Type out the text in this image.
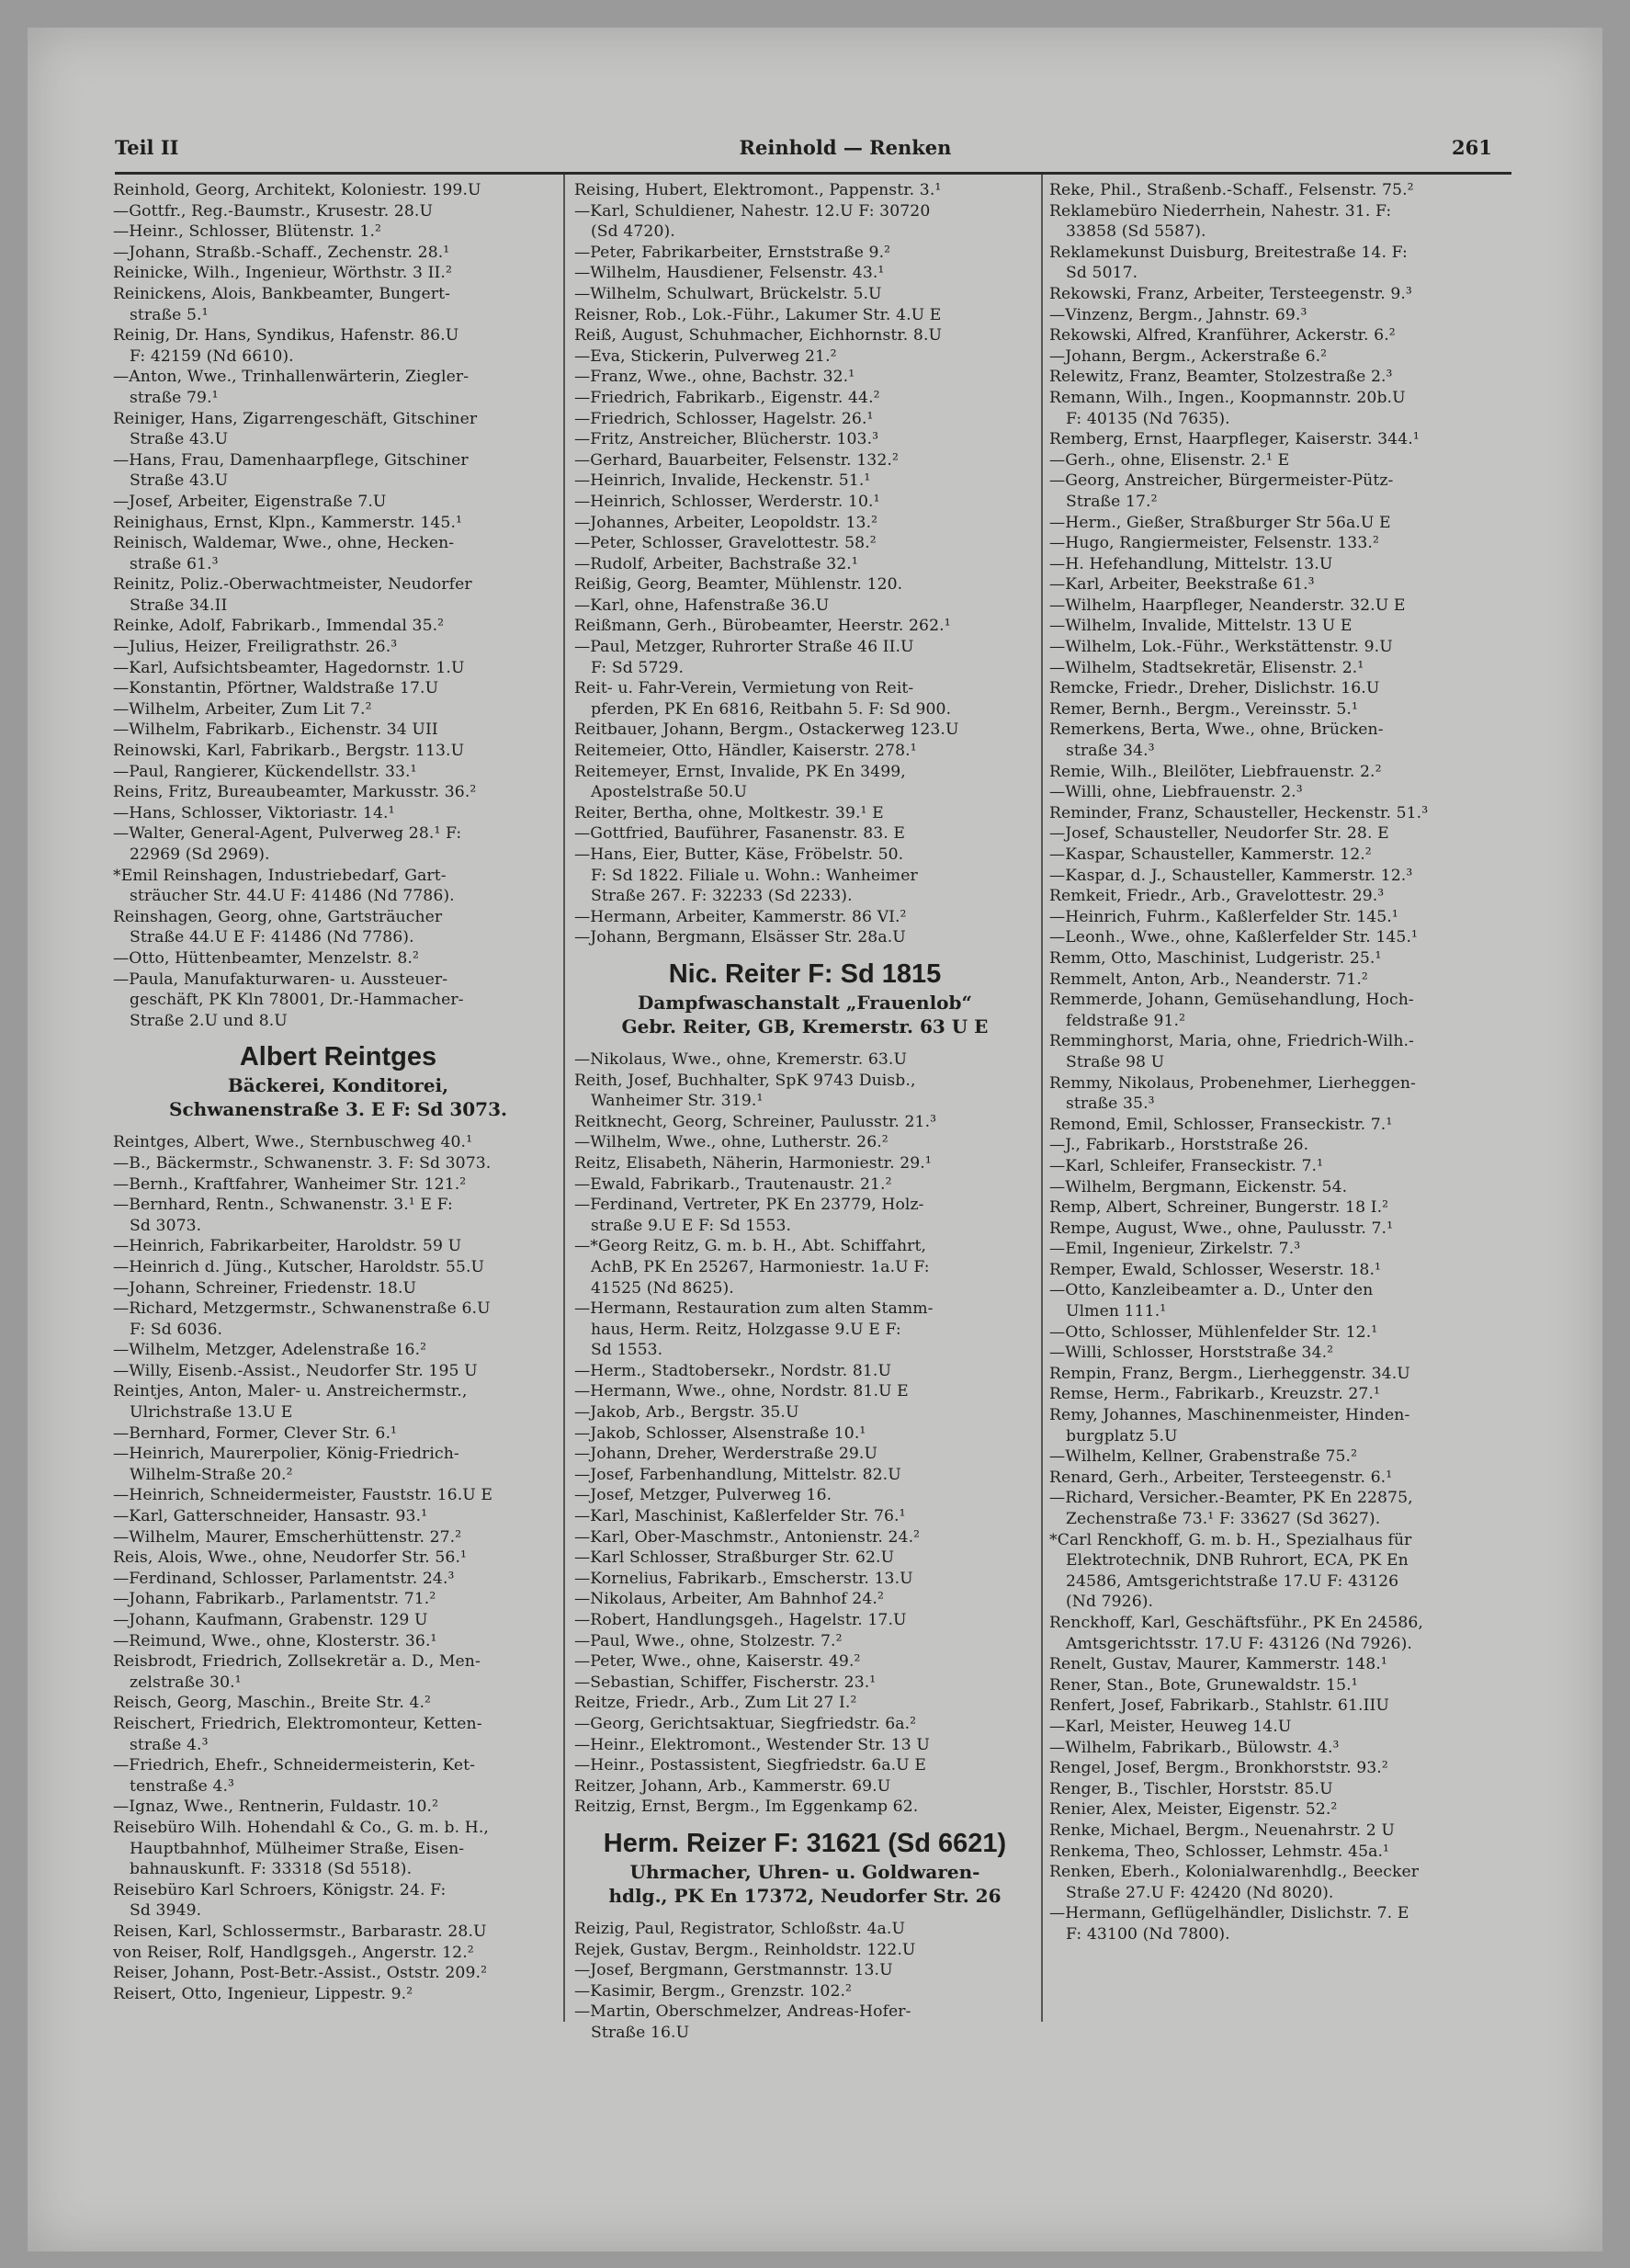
Teil II	Reinhold — Renken	261
Reinhold, Georg, Architekt, Koloniestr. 199.U
—Gottfr., Reg.-Baumstr., Krusestr. 28.U
—Heinr., Schlosser, Blütenstr. 1.²
—Johann, Straßb.-Schaff., Zechenstr. 28.¹
Reinicke, Wilh., Ingenieur, Wörthstr. 3 II.²
Reinickens, Alois, Bankbeamter, Bungert-
straße 5.¹
Reinig, Dr. Hans, Syndikus, Hafenstr. 86.U
F: 42159 (Nd 6610).
—Anton, Wwe., Trinhallenwärterin, Ziegler-
straße 79.¹
Reiniger, Hans, Zigarrengeschäft, Gitschiner
Straße 43.U
—Hans, Frau, Damenhaarpflege, Gitschiner
Straße 43.U
—Josef, Arbeiter, Eigenstraße 7.U
Reinighaus, Ernst, Klpn., Kammerstr. 145.¹
Reinisch, Waldemar, Wwe., ohne, Hecken-
straße 61.³
Reinitz, Poliz.-Oberwachtmeister, Neudorfer
Straße 34.II
Reinke, Adolf, Fabrikarb., Immendal 35.²
—Julius, Heizer, Freiligrathstr. 26.³
—Karl, Aufsichtsbeamter, Hagedornstr. 1.U
—Konstantin, Pförtner, Waldstraße 17.U
—Wilhelm, Arbeiter, Zum Lit 7.²
—Wilhelm, Fabrikarb., Eichenstr. 34 UII
Reinowski, Karl, Fabrikarb., Bergstr. 113.U
—Paul, Rangierer, Kückendellstr. 33.¹
Reins, Fritz, Bureaubeamter, Markusstr. 36.²
—Hans, Schlosser, Viktoriastr. 14.¹
—Walter, General-Agent, Pulverweg 28.¹ F:
22969 (Sd 2969).
*Emil Reinshagen, Industriebedarf, Gart-
sträucher Str. 44.U F: 41486 (Nd 7786).
Reinshagen, Georg, ohne, Gartsträucher
Straße 44.U E F: 41486 (Nd 7786).
—Otto, Hüttenbeamter, Menzelstr. 8.²
—Paula, Manufakturwaren- u. Aussteuer-
geschäft, PK Kln 78001, Dr.-Hammacher-
Straße 2.U und 8.U
Albert Reintges
Bäckerei, Konditorei,
Schwanenstraße 3. E F: Sd 3073.
Reintges, Albert, Wwe., Sternbuschweg 40.¹
—B., Bäckermstr., Schwanenstr. 3. F: Sd 3073.
—Bernh., Kraftfahrer, Wanheimer Str. 121.²
—Bernhard, Rentn., Schwanenstr. 3.¹ E F:
Sd 3073.
—Heinrich, Fabrikarbeiter, Haroldstr. 59 U
—Heinrich d. Jüng., Kutscher, Haroldstr. 55.U
—Johann, Schreiner, Friedenstr. 18.U
—Richard, Metzgermstr., Schwanenstraße 6.U
F: Sd 6036.
—Wilhelm, Metzger, Adelenstraße 16.²
—Willy, Eisenb.-Assist., Neudorfer Str. 195 U
Reintjes, Anton, Maler- u. Anstreichermstr.,
Ulrichstraße 13.U E
—Bernhard, Former, Clever Str. 6.¹
—Heinrich, Maurerpolier, König-Friedrich-
Wilhelm-Straße 20.²
—Heinrich, Schneidermeister, Fauststr. 16.U E
—Karl, Gatterschneider, Hansastr. 93.¹
—Wilhelm, Maurer, Emscherhüttenstr. 27.²
Reis, Alois, Wwe., ohne, Neudorfer Str. 56.¹
—Ferdinand, Schlosser, Parlamentstr. 24.³
—Johann, Fabrikarb., Parlamentstr. 71.²
—Johann, Kaufmann, Grabenstr. 129 U
—Reimund, Wwe., ohne, Klosterstr. 36.¹
Reisbrodt, Friedrich, Zollsekretär a. D., Men-
zelstraße 30.¹
Reisch, Georg, Maschin., Breite Str. 4.²
Reischert, Friedrich, Elektromonteur, Ketten-
straße 4.³
—Friedrich, Ehefr., Schneidermeisterin, Ket-
tenstraße 4.³
—Ignaz, Wwe., Rentnerin, Fuldastr. 10.²
Reisebüro Wilh. Hohendahl & Co., G. m. b. H.,
Hauptbahnhof, Mülheimer Straße, Eisen-
bahnauskunft. F: 33318 (Sd 5518).
Reisebüro Karl Schroers, Königstr. 24. F:
Sd 3949.
Reisen, Karl, Schlossermstr., Barbarastr. 28.U
von Reiser, Rolf, Handlgsgeh., Angerstr. 12.²
Reiser, Johann, Post-Betr.-Assist., Oststr. 209.²
Reisert, Otto, Ingenieur, Lippestr. 9.²
Reising, Hubert, Elektromont., Pappenstr. 3.¹
—Karl, Schuldiener, Nahestr. 12.U F: 30720
(Sd 4720).
—Peter, Fabrikarbeiter, Ernststraße 9.²
—Wilhelm, Hausdiener, Felsenstr. 43.¹
—Wilhelm, Schulwart, Brückelstr. 5.U
Reisner, Rob., Lok.-Führ., Lakumer Str. 4.U E
Reiß, August, Schuhmacher, Eichhornstr. 8.U
—Eva, Stickerin, Pulverweg 21.²
—Franz, Wwe., ohne, Bachstr. 32.¹
—Friedrich, Fabrikarb., Eigenstr. 44.²
—Friedrich, Schlosser, Hagelstr. 26.¹
—Fritz, Anstreicher, Blücherstr. 103.³
—Gerhard, Bauarbeiter, Felsenstr. 132.²
—Heinrich, Invalide, Heckenstr. 51.¹
—Heinrich, Schlosser, Werderstr. 10.¹
—Johannes, Arbeiter, Leopoldstr. 13.²
—Peter, Schlosser, Gravelottestr. 58.²
—Rudolf, Arbeiter, Bachstraße 32.¹
Reißig, Georg, Beamter, Mühlenstr. 120.
—Karl, ohne, Hafenstraße 36.U
Reißmann, Gerh., Bürobeamter, Heerstr. 262.¹
—Paul, Metzger, Ruhrorter Straße 46 II.U
F: Sd 5729.
Reit- u. Fahr-Verein, Vermietung von Reit-
pferden, PK En 6816, Reitbahn 5. F: Sd 900.
Reitbauer, Johann, Bergm., Ostackerweg 123.U
Reitemeier, Otto, Händler, Kaiserstr. 278.¹
Reitemeyer, Ernst, Invalide, PK En 3499,
Apostelstraße 50.U
Reiter, Bertha, ohne, Moltkestr. 39.¹ E
—Gottfried, Bauführer, Fasanenstr. 83. E
—Hans, Eier, Butter, Käse, Fröbelstr. 50.
F: Sd 1822. Filiale u. Wohn.: Wanheimer
Straße 267. F: 32233 (Sd 2233).
—Hermann, Arbeiter, Kammerstr. 86 VI.²
—Johann, Bergmann, Elsässer Str. 28a.U
Nic. Reiter F: Sd 1815
Dampfwaschanstalt „Frauenlob“
Gebr. Reiter, GB, Kremerstr. 63 U E
—Nikolaus, Wwe., ohne, Kremerstr. 63.U
Reith, Josef, Buchhalter, SpK 9743 Duisb.,
Wanheimer Str. 319.¹
Reitknecht, Georg, Schreiner, Paulusstr. 21.³
—Wilhelm, Wwe., ohne, Lutherstr. 26.²
Reitz, Elisabeth, Näherin, Harmoniestr. 29.¹
—Ewald, Fabrikarb., Trautenaustr. 21.²
—Ferdinand, Vertreter, PK En 23779, Holz-
straße 9.U E F: Sd 1553.
—*Georg Reitz, G. m. b. H., Abt. Schiffahrt,
AchB, PK En 25267, Harmoniestr. 1a.U F:
41525 (Nd 8625).
—Hermann, Restauration zum alten Stamm-
haus, Herm. Reitz, Holzgasse 9.U E F:
Sd 1553.
—Herm., Stadtobersekr., Nordstr. 81.U
—Hermann, Wwe., ohne, Nordstr. 81.U E
—Jakob, Arb., Bergstr. 35.U
—Jakob, Schlosser, Alsenstraße 10.¹
—Johann, Dreher, Werderstraße 29.U
—Josef, Farbenhandlung, Mittelstr. 82.U
—Josef, Metzger, Pulverweg 16.
—Karl, Maschinist, Kaßlerfelder Str. 76.¹
—Karl, Ober-Maschmstr., Antonienstr. 24.²
—Karl Schlosser, Straßburger Str. 62.U
—Kornelius, Fabrikarb., Emscherstr. 13.U
—Nikolaus, Arbeiter, Am Bahnhof 24.²
—Robert, Handlungsgeh., Hagelstr. 17.U
—Paul, Wwe., ohne, Stolzestr. 7.²
—Peter, Wwe., ohne, Kaiserstr. 49.²
—Sebastian, Schiffer, Fischerstr. 23.¹
Reitze, Friedr., Arb., Zum Lit 27 I.²
—Georg, Gerichtsaktuar, Siegfriedstr. 6a.²
—Heinr., Elektromont., Westender Str. 13 U
—Heinr., Postassistent, Siegfriedstr. 6a.U E
Reitzer, Johann, Arb., Kammerstr. 69.U
Reitzig, Ernst, Bergm., Im Eggenkamp 62.
Herm. Reizer F: 31621 (Sd 6621)
Uhrmacher, Uhren- u. Goldwaren-
hdlg., PK En 17372, Neudorfer Str. 26
Reizig, Paul, Registrator, Schloßstr. 4a.U
Rejek, Gustav, Bergm., Reinholdstr. 122.U
—Josef, Bergmann, Gerstmannstr. 13.U
—Kasimir, Bergm., Grenzstr. 102.²
—Martin, Oberschmelzer, Andreas-Hofer-
Straße 16.U
Reke, Phil., Straßenb.-Schaff., Felsenstr. 75.²
Reklamebüro Niederrhein, Nahestr. 31. F:
33858 (Sd 5587).
Reklamekunst Duisburg, Breitestraße 14. F:
Sd 5017.
Rekowski, Franz, Arbeiter, Tersteegenstr. 9.³
—Vinzenz, Bergm., Jahnstr. 69.³
Rekowski, Alfred, Kranführer, Ackerstr. 6.²
—Johann, Bergm., Ackerstraße 6.²
Relewitz, Franz, Beamter, Stolzestraße 2.³
Remann, Wilh., Ingen., Koopmannstr. 20b.U
F: 40135 (Nd 7635).
Remberg, Ernst, Haarpfleger, Kaiserstr. 344.¹
—Gerh., ohne, Elisenstr. 2.¹ E
—Georg, Anstreicher, Bürgermeister-Pütz-
Straße 17.²
—Herm., Gießer, Straßburger Str 56a.U E
—Hugo, Rangiermeister, Felsenstr. 133.²
—H. Hefehandlung, Mittelstr. 13.U
—Karl, Arbeiter, Beekstraße 61.³
—Wilhelm, Haarpfleger, Neanderstr. 32.U E
—Wilhelm, Invalide, Mittelstr. 13 U E
—Wilhelm, Lok.-Führ., Werkstättenstr. 9.U
—Wilhelm, Stadtsekretär, Elisenstr. 2.¹
Remcke, Friedr., Dreher, Dislichstr. 16.U
Remer, Bernh., Bergm., Vereinsstr. 5.¹
Remerkens, Berta, Wwe., ohne, Brücken-
straße 34.³
Remie, Wilh., Bleilöter, Liebfrauenstr. 2.²
—Willi, ohne, Liebfrauenstr. 2.³
Reminder, Franz, Schausteller, Heckenstr. 51.³
—Josef, Schausteller, Neudorfer Str. 28. E
—Kaspar, Schausteller, Kammerstr. 12.²
—Kaspar, d. J., Schausteller, Kammerstr. 12.³
Remkeit, Friedr., Arb., Gravelottestr. 29.³
—Heinrich, Fuhrm., Kaßlerfelder Str. 145.¹
—Leonh., Wwe., ohne, Kaßlerfelder Str. 145.¹
Remm, Otto, Maschinist, Ludgeristr. 25.¹
Remmelt, Anton, Arb., Neanderstr. 71.²
Remmerde, Johann, Gemüsehandlung, Hoch-
feldstraße 91.²
Remminghorst, Maria, ohne, Friedrich-Wilh.-
Straße 98 U
Remmy, Nikolaus, Probenehmer, Lierheggen-
straße 35.³
Remond, Emil, Schlosser, Franseckistr. 7.¹
—J., Fabrikarb., Horststraße 26.
—Karl, Schleifer, Franseckistr. 7.¹
—Wilhelm, Bergmann, Eickenstr. 54.
Remp, Albert, Schreiner, Bungerstr. 18 I.²
Rempe, August, Wwe., ohne, Paulusstr. 7.¹
—Emil, Ingenieur, Zirkelstr. 7.³
Remper, Ewald, Schlosser, Weserstr. 18.¹
—Otto, Kanzleibeamter a. D., Unter den
Ulmen 111.¹
—Otto, Schlosser, Mühlenfelder Str. 12.¹
—Willi, Schlosser, Horststraße 34.²
Rempin, Franz, Bergm., Lierheggenstr. 34.U
Remse, Herm., Fabrikarb., Kreuzstr. 27.¹
Remy, Johannes, Maschinenmeister, Hinden-
burgplatz 5.U
—Wilhelm, Kellner, Grabenstraße 75.²
Renard, Gerh., Arbeiter, Tersteegenstr. 6.¹
—Richard, Versicher.-Beamter, PK En 22875,
Zechenstraße 73.¹ F: 33627 (Sd 3627).
*Carl Renckhoff, G. m. b. H., Spezialhaus für
Elektrotechnik, DNB Ruhrort, ECA, PK En
24586, Amtsgerichtstraße 17.U F: 43126
(Nd 7926).
Renckhoff, Karl, Geschäftsführ., PK En 24586,
Amtsgerichtsstr. 17.U F: 43126 (Nd 7926).
Renelt, Gustav, Maurer, Kammerstr. 148.¹
Rener, Stan., Bote, Grunewaldstr. 15.¹
Renfert, Josef, Fabrikarb., Stahlstr. 61.IIU
—Karl, Meister, Heuweg 14.U
—Wilhelm, Fabrikarb., Bülowstr. 4.³
Rengel, Josef, Bergm., Bronkhorststr. 93.²
Renger, B., Tischler, Horststr. 85.U
Renier, Alex, Meister, Eigenstr. 52.²
Renke, Michael, Bergm., Neuenahrstr. 2 U
Renkema, Theo, Schlosser, Lehmstr. 45a.¹
Renken, Eberh., Kolonialwarenhdlg., Beecker
Straße 27.U F: 42420 (Nd 8020).
—Hermann, Geflügelhändler, Dislichstr. 7. E
F: 43100 (Nd 7800).
